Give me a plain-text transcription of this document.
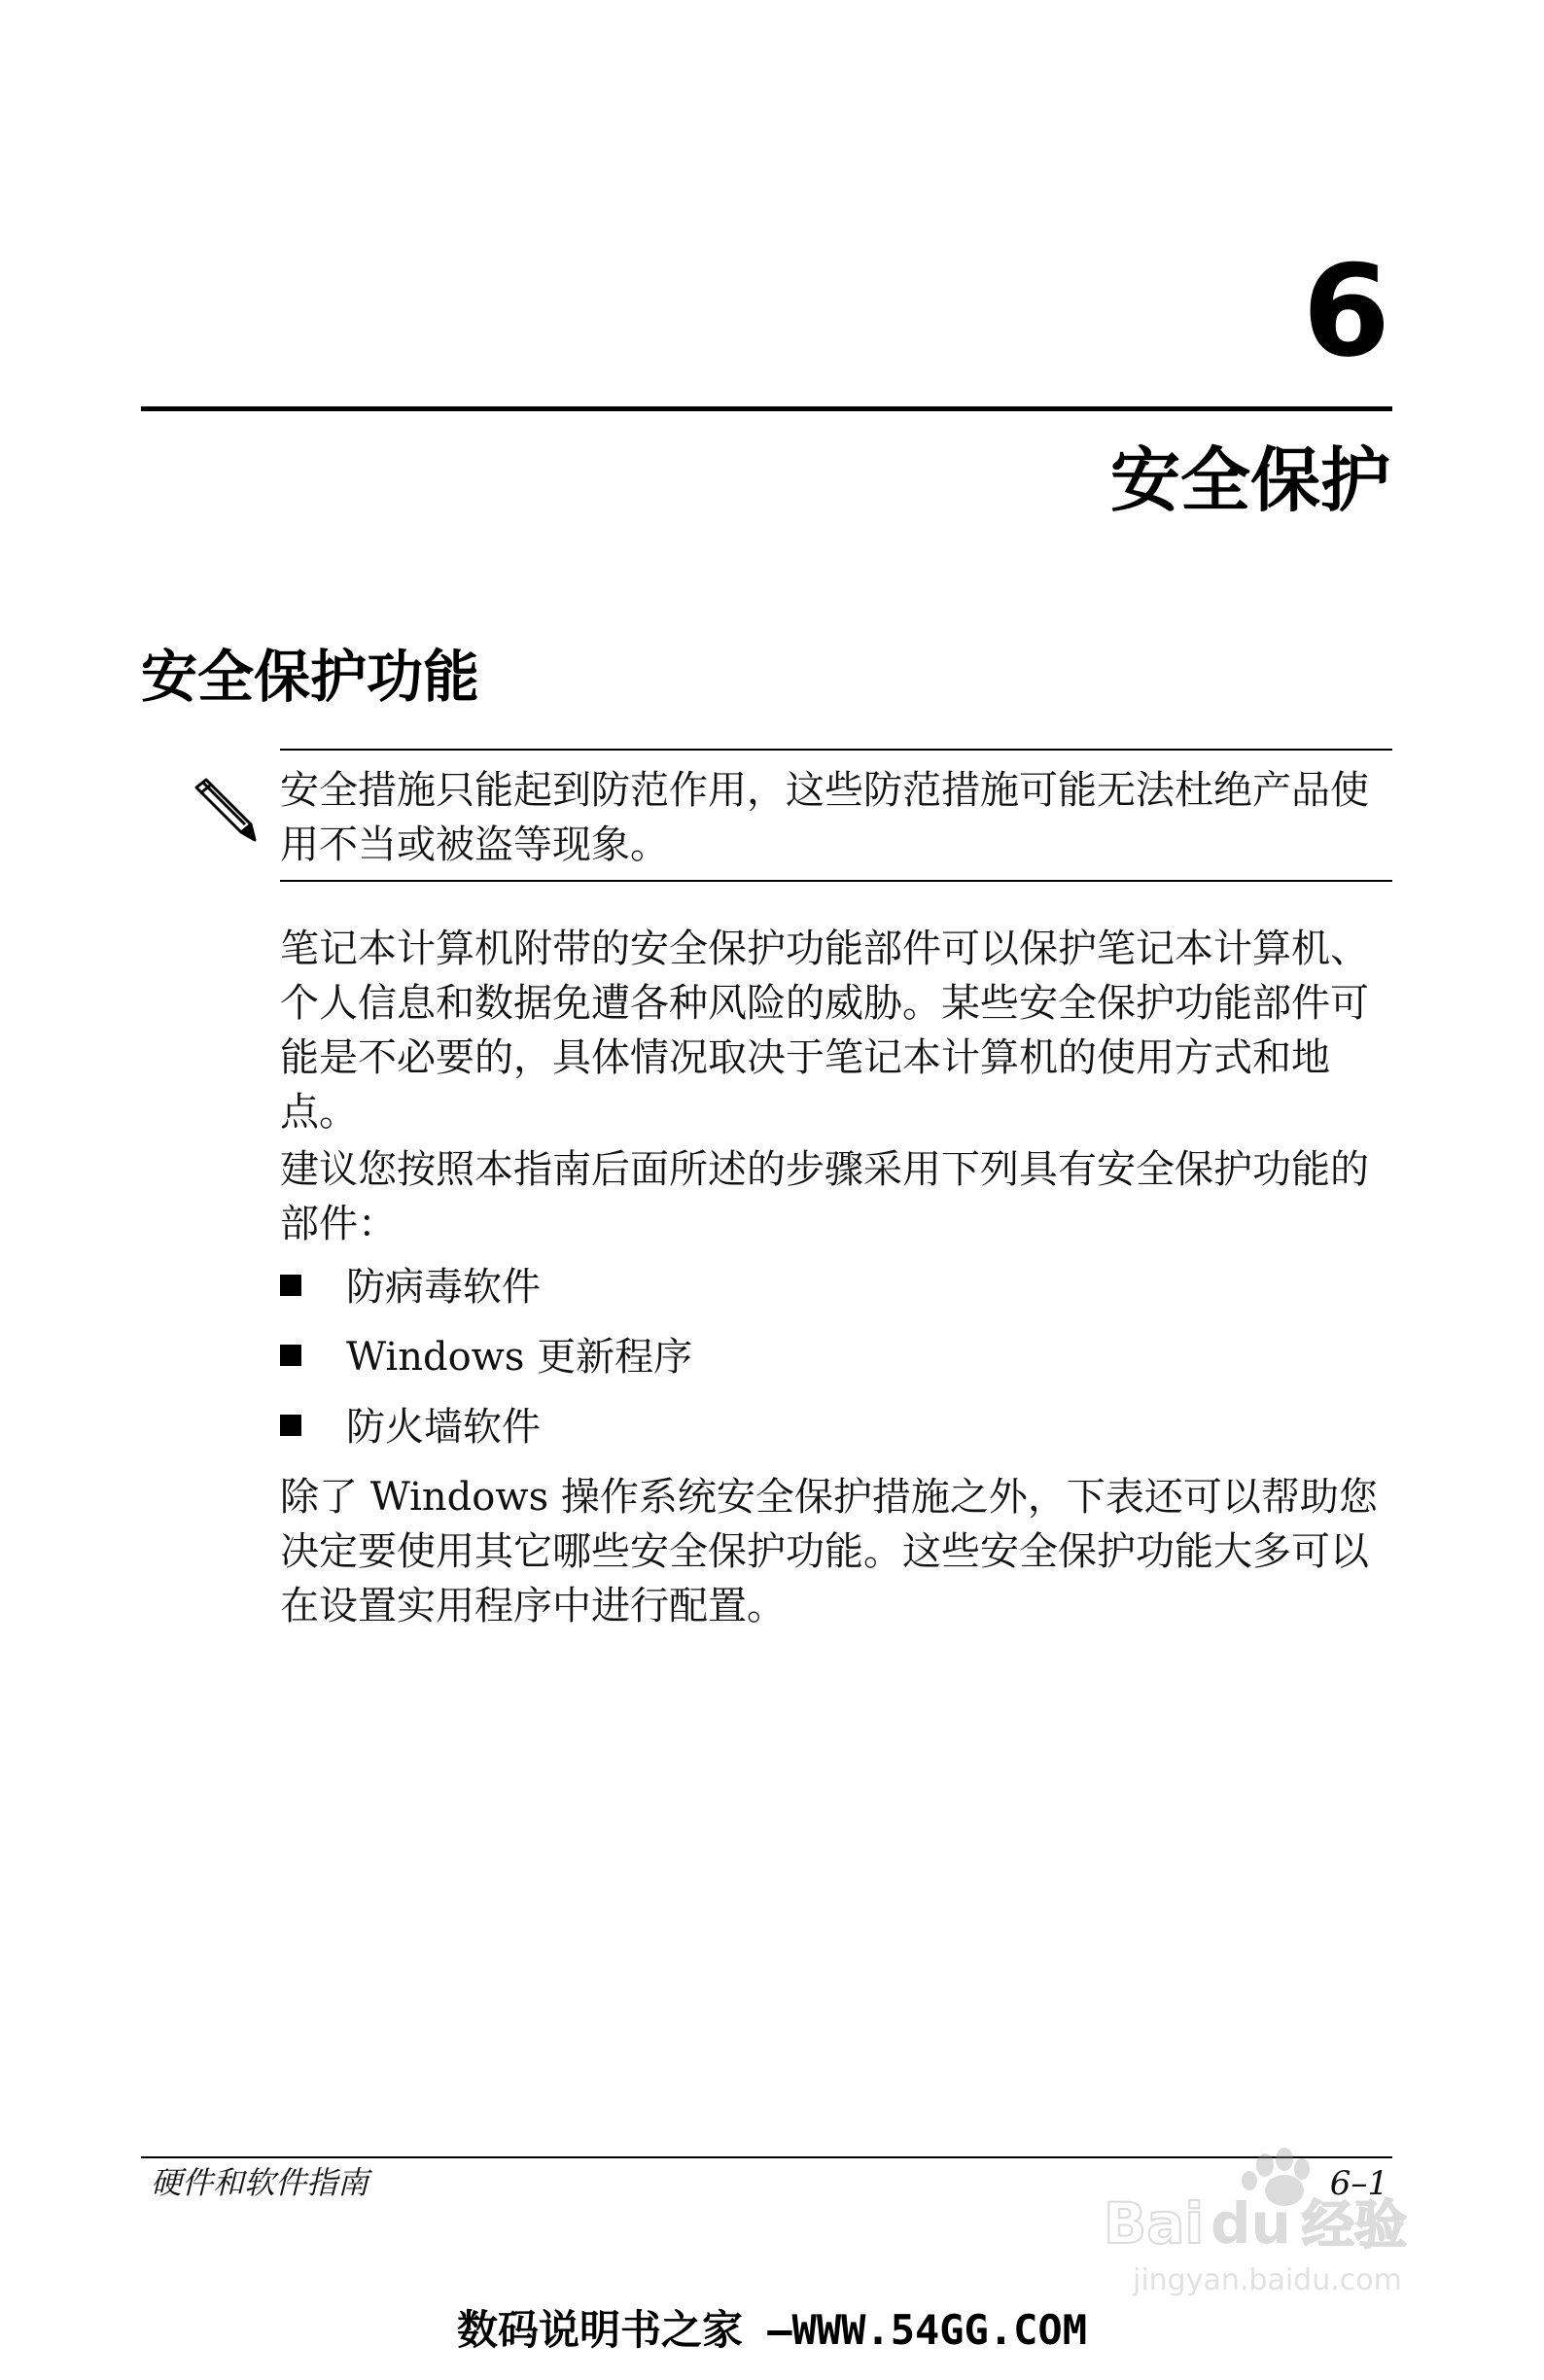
6
安全保护
安全保护功能

安全措施只能起到防范作用，这些防范措施可能无法杜绝产品使用不当或被盗等现象。

笔记本计算机附带的安全保护功能部件可以保护笔记本计算机、个人信息和数据免遭各种风险的威胁。某些安全保护功能部件可能是不必要的，具体情况取决于笔记本计算机的使用方式和地点。

建议您按照本指南后面所述的步骤采用下列具有安全保护功能的部件：

防病毒软件
Windows 更新程序
防火墙软件

除了 Windows 操作系统安全保护措施之外，下表还可以帮助您决定要使用其它哪些安全保护功能。这些安全保护功能大多可以在设置实用程序中进行配置。

硬件和软件指南	6–1
Bai du 经验
jingyan.baidu.com
数码说明书之家 —WWW.54GG.COM
